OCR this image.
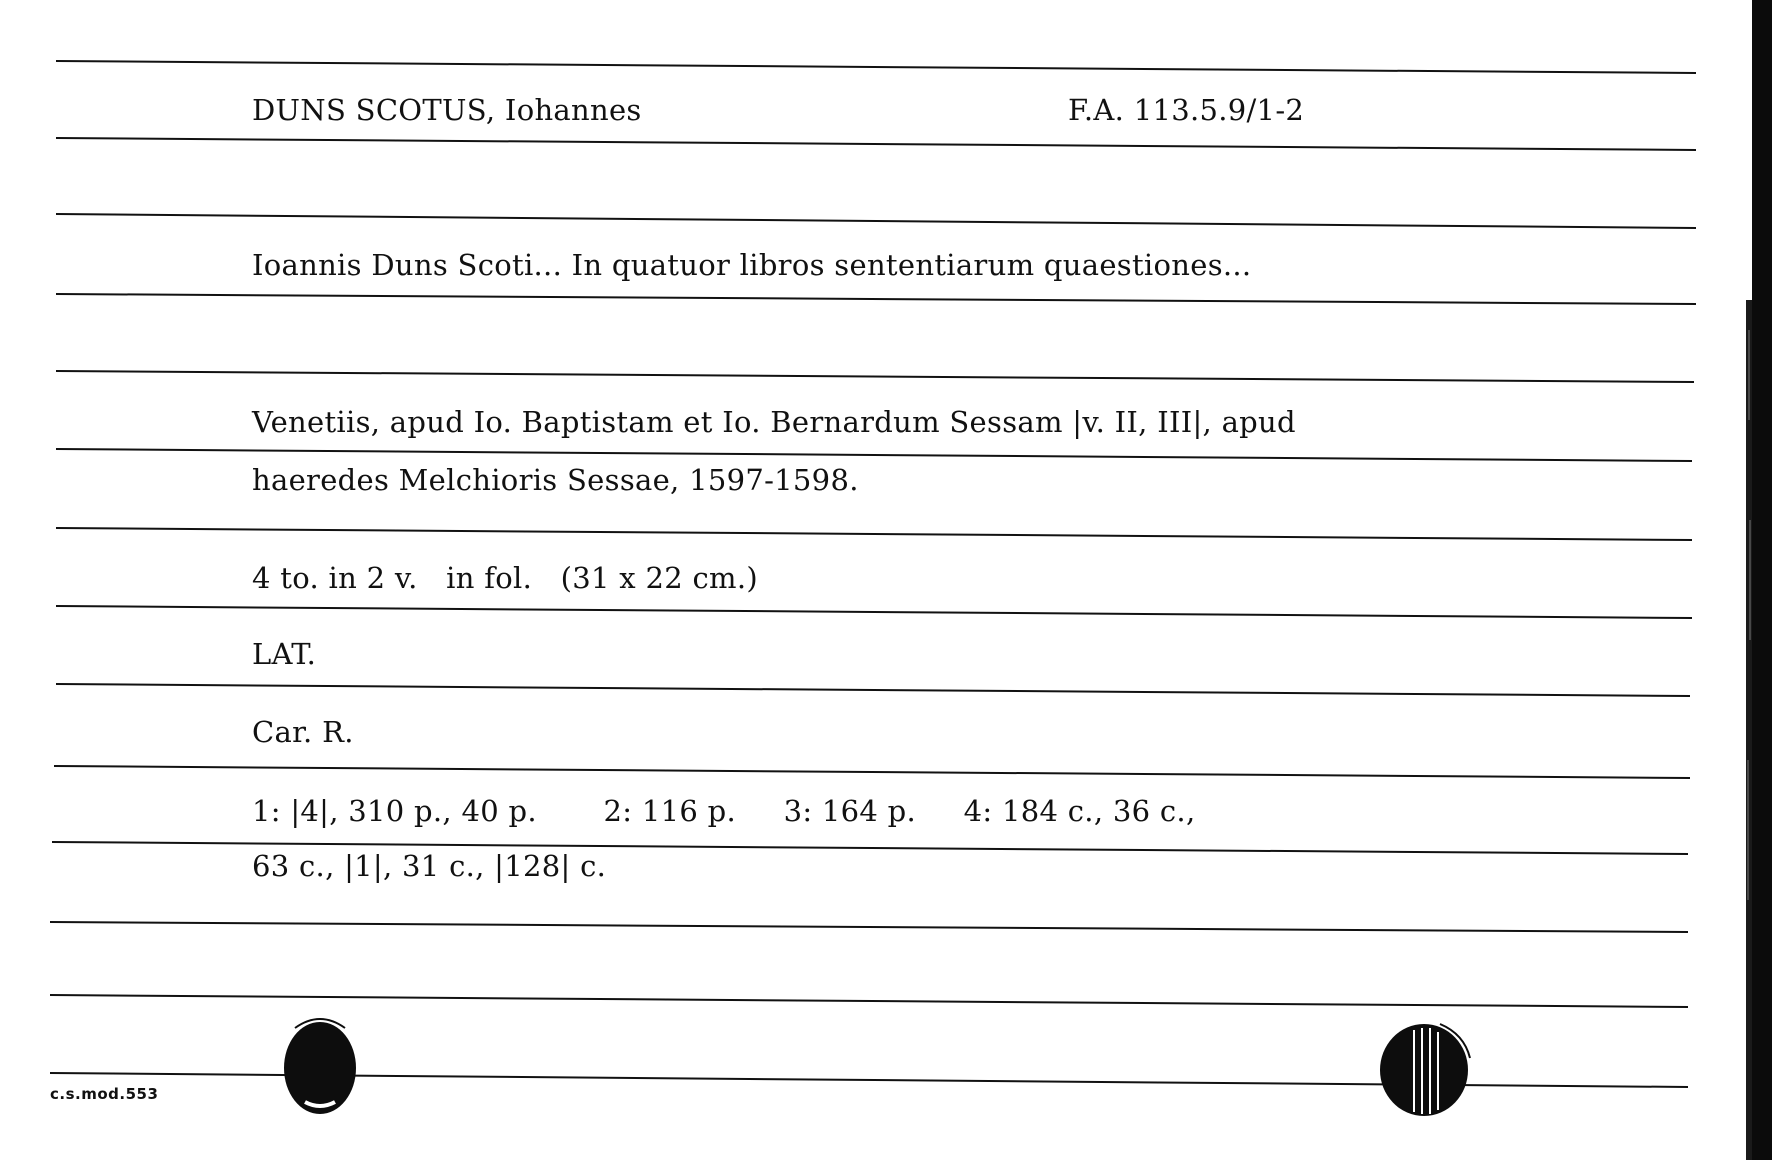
DUNS SCOTUS, Iohannes	F.A. 113.5.9/1-2
Ioannis Duns Scoti... In quatuor libros sententiarum quaestiones...
Venetiis, apud Io. Baptistam et Io. Bernardum Sessam |v. II, III|, apud
haeredes Melchioris Sessae, 1597-1598.
4 to. in 2 v.   in fol.   (31 x 22 cm.)
LAT.
Car. R.
1: |4|, 310 p., 40 p.       2: 116 p.     3: 164 p.     4: 184 c., 36 c.,
63 c., |1|, 31 c., |128| c.
c.s.mod.553
